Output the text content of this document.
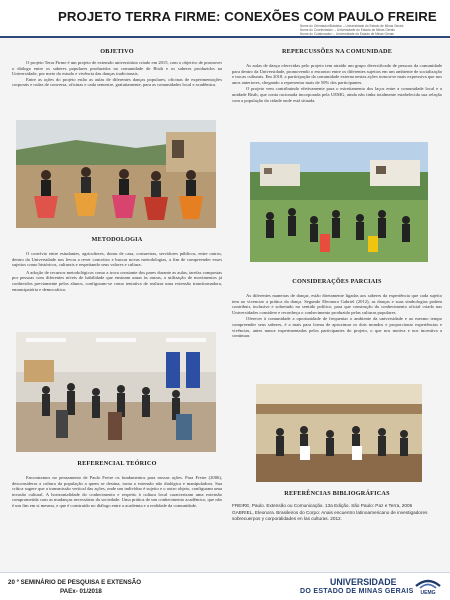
PROJETO TERRA FIRME: CONEXÕES COM PAULO FREIRE
Nome do Orientador/Bolsista¹ – Universidade do Estado de Minas Gerais
Nome do Coorientador² – Universidade do Estado de Minas Gerais
Nome do Colaborador³ – Universidade do Estado de Minas Gerais
OBJETIVO

O projeto Terra Firme é um projeto de extensão universitária criado em 2015, com o objetivo de promover o diálogo entre os saberes populares produzidos na comunidade de Bisth e os saberes produzidos na Universidade, por meio do estudo e vivência das danças tradicionais.

Entre as ações do projeto estão as aulas de diferentes danças populares, oficinas de experimentações corporais e rodas de conversa, oficinas e cada semestre, gratuitamente, para as comunidades local e acadêmica.

METODOLOGIA

O convívio entre estudantes, agricultores, donas de casa, costureiras, servidores públicos, entre outros, dentro da Universidade nos levou a rever conceitos e buscar novas metodologias, a fim de compreender esses sujeitos como históricos, culturais e respeitando seus valores e cultura.

A adoção de recursos metodológicos como a troca constante dos pares durante as aulas, tarefas compostas por pessoas com diferentes níveis de habilidade que ensinam umas às outras, a utilização de movimentos já conhecidos previamente pelos alunos, configuram-se como tentativa de realizar uma extensão transformadora, emancipatória e democrática.

REFERENCIAL TEÓRICO

Encontramos no pensamento de Paulo Freire os fundamentos para nossas ações. Para Freire (2006), desconsiderar a cultura da população a quem se destina, torna a extensão não dialógica e manipuladora. Sua crítica sugere que a transmissão vertical das ações, onde um indivíduo é sujeito e o outro objeto, configuram uma invasão cultural. A horizontalidade do conhecimento e respeito à cultura local caracterizam uma extensão comprometida com as mudanças necessárias da sociedade. Uma prática de um conhecimento acadêmico, que não é um fim em si mesmo, e que é construído no diálogo entre a academia e a realidade da comunidade.

REPERCUSSÕES NA COMUNIDADE

As aulas de dança oferecidas pelo projeto tem atraído um grupo diversificado de pessoas da comunidade para dentro da Universidade, promovendo o encontro entre os diferentes sujeitos em um ambiente de socialização e trocas culturais. Em 2018, a participação da comunidade externa nestas ações tornou-se mais expressiva que nos anos anteriores, chegando a representar mais de 50% dos participantes.

O projeto vem contribuindo efetivamente para o estreitamento dos laços entre a comunidade local e a unidade Bisth, que conta racionada incorporada pela UEMG, ainda não tinha totalmente estabelecida sua relação com a população da cidade onde está situada.

CONSIDERAÇÕES PARCIAIS

As diferentes maneiras de dançar, estão diretamente ligadas aos saberes da experiência que cada sujeito tem ao vivenciar a prática da dança. Segundo Eleonora Gabriel (2012), as danças e suas simbologias podem contribuir, inclusive e sobretudo no sentido político, para que construção do conhecimento oficial criado nas Universidades considere e reconheça o conhecimento produzido pelas culturas populares.

Oferecer à comunidade a oportunidade de frequentar o ambiente da universidade e ao mesmo tempo compreender seus saberes, é a mais para forma de aproximar os dois mundos e proporcionar experiências e vivências, antes nunca experimentadas pelos participantes do projeto, o que nos motiva e nos incentiva a continuar.

REFERÊNCIAS BIBLIOGRÁFICAS

FREIRE, Paulo. Extensão ou Comunicação. 13a Edição. São Paulo: Paz e Terra, 2006

GABRIEL, Eleonora. Brasileiros do Corpo: Anais encuentro latinoamericano de investigadores sobrecuerpos y corporalidades en las culturas. 2012.

20 º SEMINÁRIO DE PESQUISA E EXTENSÃO
PAEx- 01/2018
UNIVERSIDADE
DO ESTADO DE MINAS GERAIS	UEMG
